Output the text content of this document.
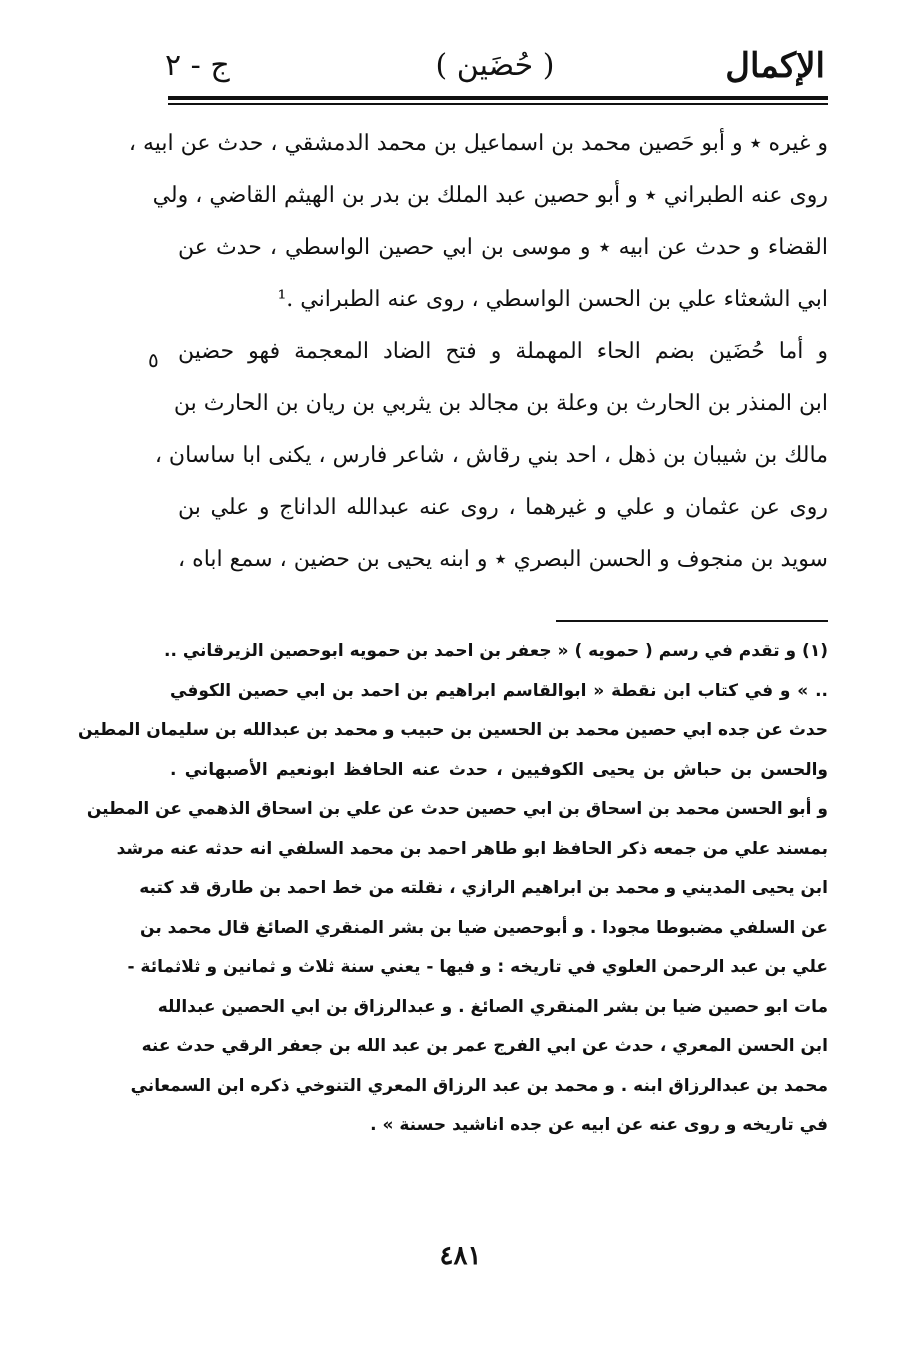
الإكمال
( حُضَين )
ج - ٢
و غيره ٭ و أبو حَصين محمد بن اسماعيل بن محمد الدمشقي ، حدث عن ابيه ،
روى عنه الطبراني ٭ و أبو حصين عبد الملك بن بدر بن الهيثم القاضي ، ولي
القضاء و حدث عن ابيه ٭ و موسى بن ابي حصين الواسطي ، حدث عن
ابي الشعثاء علي بن الحسن الواسطي ، روى عنه الطبراني .¹
و أما حُضَين بضم الحاء المهملة و فتح الضاد المعجمة فهو حضين
ابن المنذر بن الحارث بن وعلة بن مجالد بن يثربي بن ريان بن الحارث بن
مالك بن شيبان بن ذهل ، احد بني رقاش ، شاعر فارس ، يكنى ابا ساسان ،
روى عن عثمان و علي و غيرهما ، روى عنه عبدالله الداناج و علي بن
سويد بن منجوف و الحسن البصري ٭ و ابنه يحيى بن حضين ، سمع اباه ،
٥
(١) و تقدم في رسم ( حمويه ) « جعفر بن احمد بن حمويه ابوحصين الزيرقاني ..
.. » و في كتاب ابن نقطة « ابوالقاسم ابراهيم بن احمد بن ابي حصين الكوفي
حدث عن جده ابي حصين محمد بن الحسين بن حبيب و محمد بن عبدالله بن سليمان المطين
والحسن بن حباش بن يحيى الكوفيين ، حدث عنه الحافظ ابونعيم الأصبهاني .
و أبو الحسن محمد بن اسحاق بن ابي حصين حدث عن علي بن اسحاق الذهمي عن المطين
بمسند علي من جمعه ذكر الحافظ ابو طاهر احمد بن محمد السلفي انه حدثه عنه مرشد
ابن يحيى المديني و محمد بن ابراهيم الرازي ، نقلته من خط احمد بن طارق قد كتبه
عن السلفي مضبوطا مجودا . و أبوحصين ضيا بن بشر المنقري الصائغ قال محمد بن
علي بن عبد الرحمن العلوي في تاريخه : و فيها - يعني سنة ثلاث و ثمانين و ثلاثمائة -
مات ابو حصين ضيا بن بشر المنقري الصائغ . و عبدالرزاق بن ابي الحصين عبدالله
ابن الحسن المعري ، حدث عن ابي الفرج عمر بن عبد الله بن جعفر الرقي حدث عنه
محمد بن عبدالرزاق ابنه . و محمد بن عبد الرزاق المعري التنوخي ذكره ابن السمعاني
في تاريخه و روى عنه عن ابيه عن جده اناشيد حسنة » .
٤٨١
